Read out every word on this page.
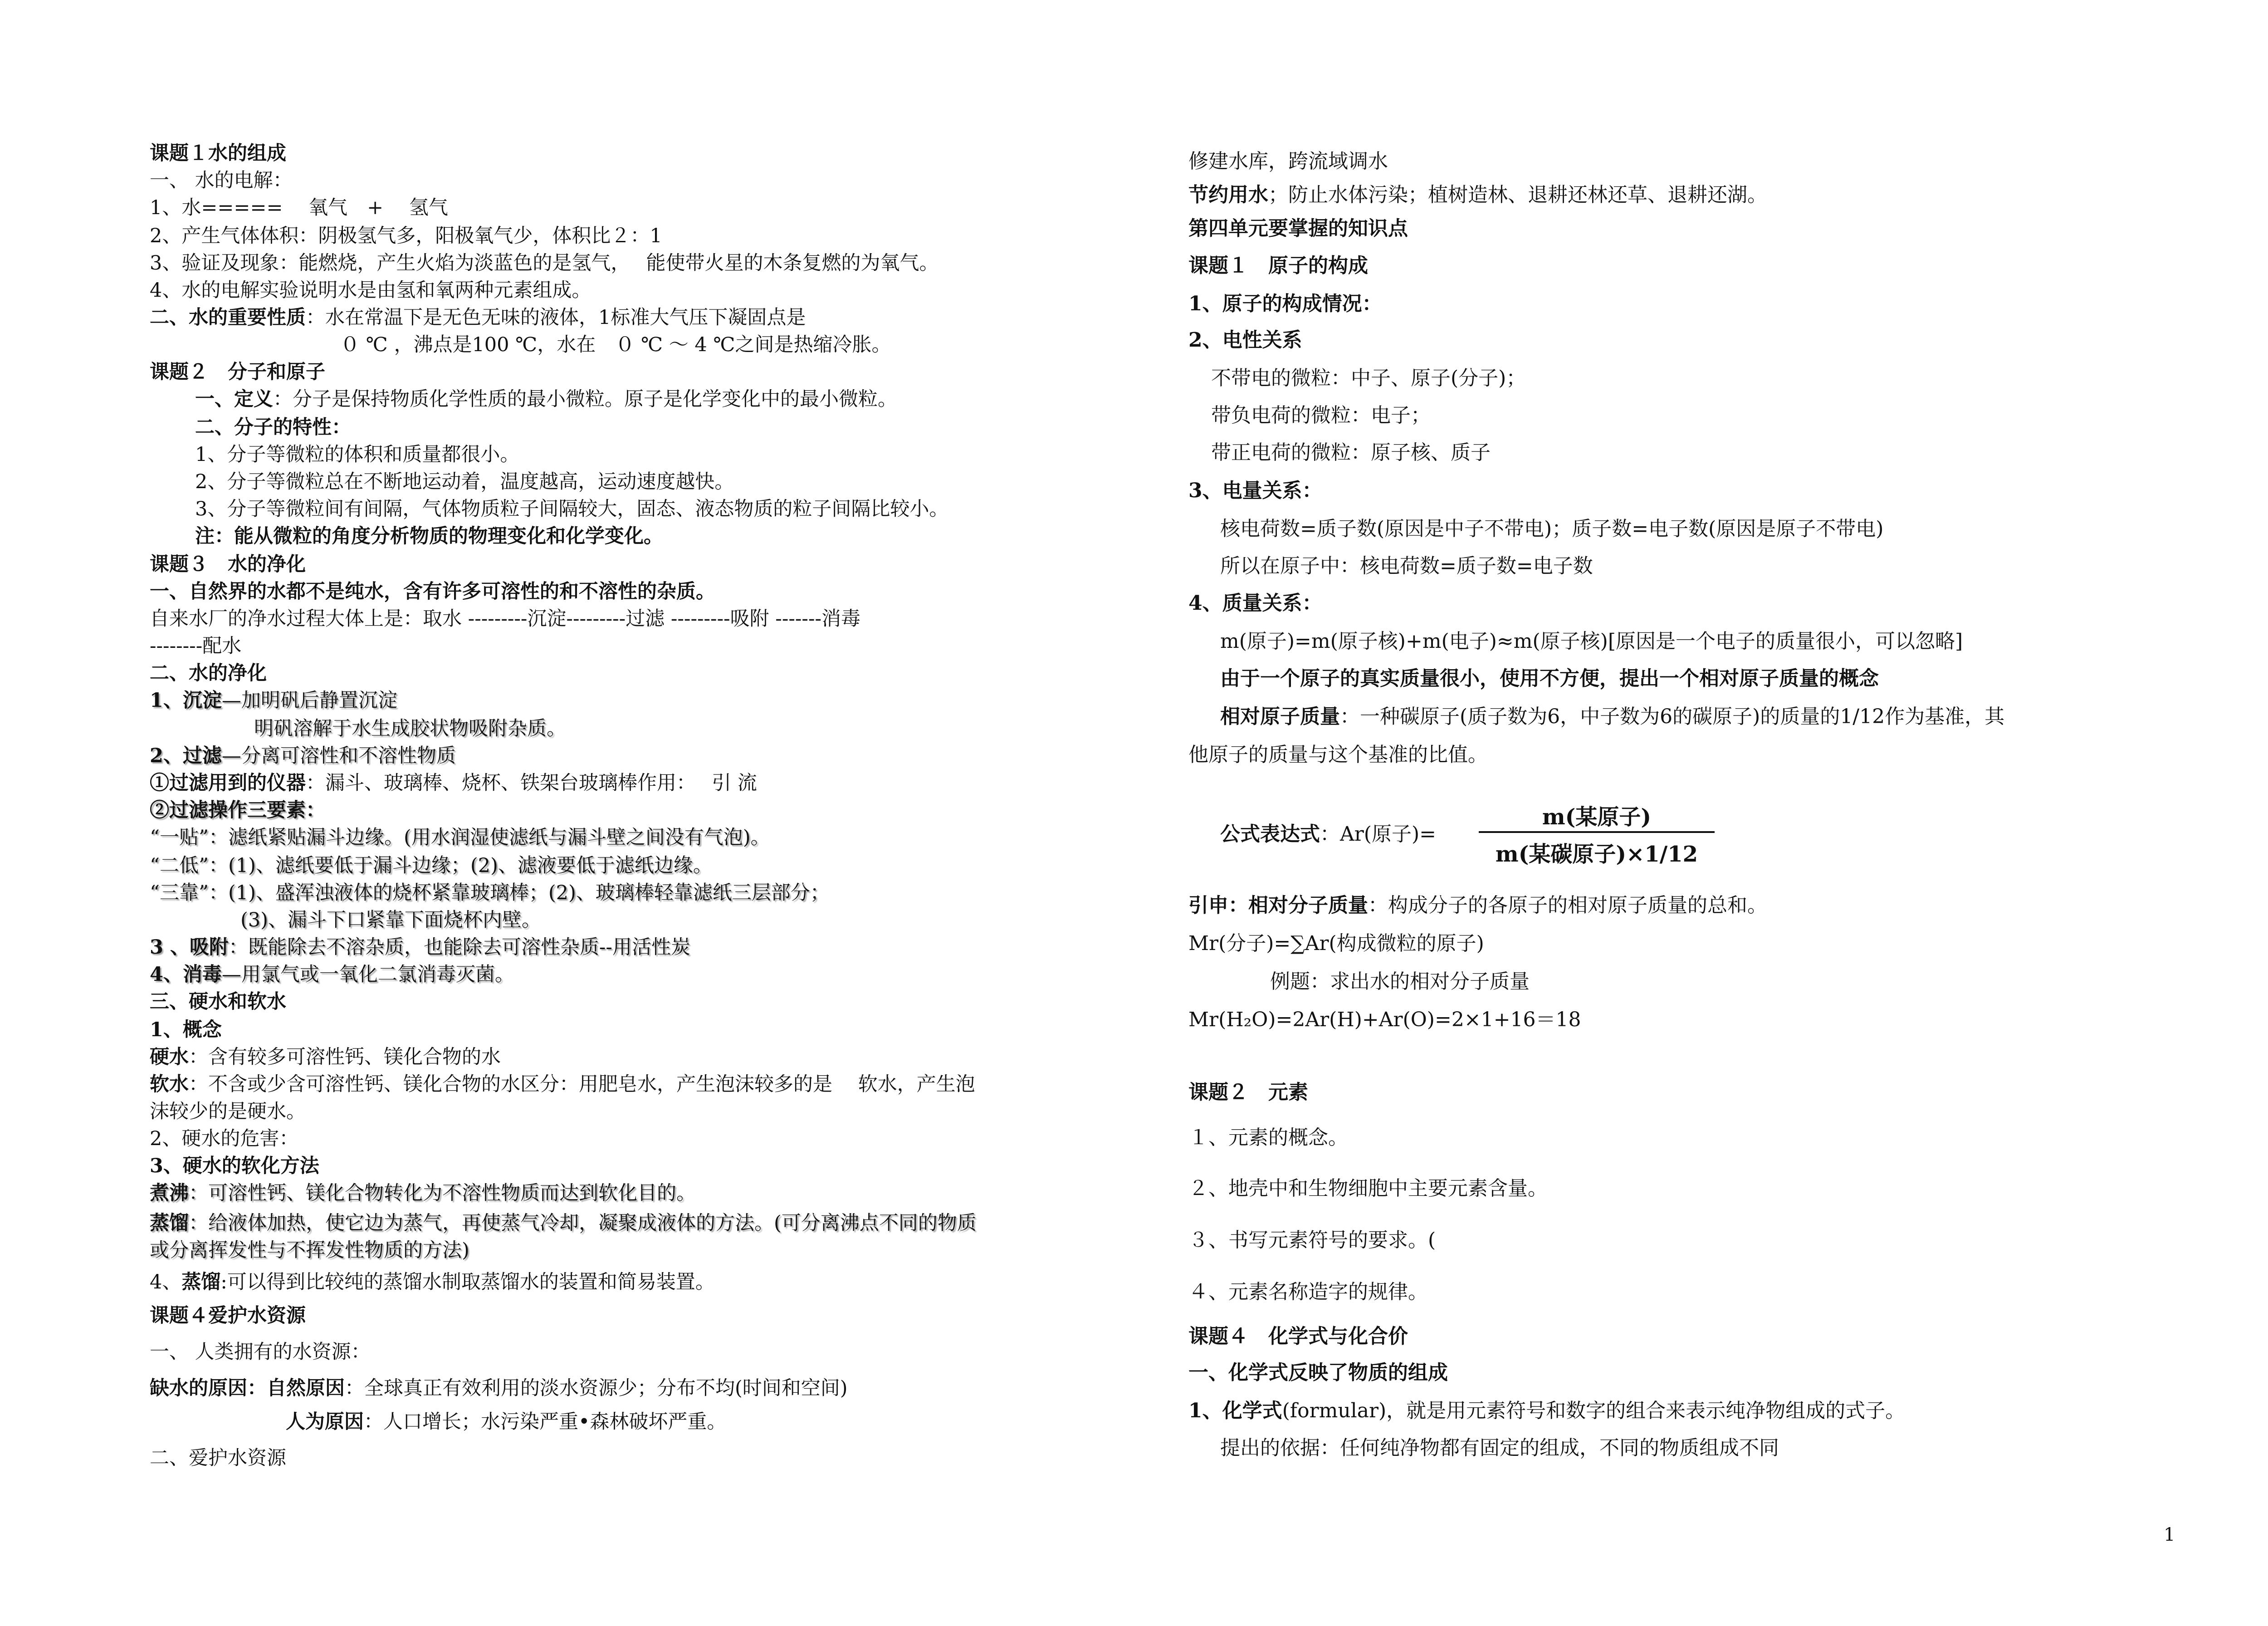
课题１水的组成
一、 水的电解：
1、水=====　 氧气　+　 氢气
2、产生气体体积：阴极氢气多，阳极氧气少，体积比２：1
3、验证及现象：能燃烧，产生火焰为淡蓝色的是氢气，　 能使带火星的木条复燃的为氧气。
4、水的电解实验说明水是由氢和氧两种元素组成。
二、水的重要性质：水在常温下是无色无味的液体，1标准大气压下凝固点是
０ ℃ ，沸点是100 ℃，水在　０ ℃ ～ 4 ℃之间是热缩冷胀。
课题２　分子和原子
一、定义：分子是保持物质化学性质的最小微粒。原子是化学变化中的最小微粒。
二、分子的特性：
1、分子等微粒的体积和质量都很小。
2、分子等微粒总在不断地运动着，温度越高，运动速度越快。
3、分子等微粒间有间隔，气体物质粒子间隔较大，固态、液态物质的粒子间隔比较小。
注：能从微粒的角度分析物质的物理变化和化学变化。
课题３　水的净化
一、自然界的水都不是纯水，含有许多可溶性的和不溶性的杂质。
自来水厂的净水过程大体上是：取水 ---------沉淀---------过滤 ---------吸附 -------消毒
--------配水
二、水的净化
1、沉淀—加明矾后静置沉淀
明矾溶解于水生成胶状物吸附杂质。
2、过滤—分离可溶性和不溶性物质
①过滤用到的仪器：漏斗、玻璃棒、烧杯、铁架台玻璃棒作用：　 引 流
②过滤操作三要素：
“一贴”：滤纸紧贴漏斗边缘。(用水润湿使滤纸与漏斗壁之间没有气泡)。
“二低”：(1)、滤纸要低于漏斗边缘；(2)、滤液要低于滤纸边缘。
“三靠”：(1)、盛浑浊液体的烧杯紧靠玻璃棒；(2)、玻璃棒轻靠滤纸三层部分；
(3)、漏斗下口紧靠下面烧杯内壁。
3 、吸附：既能除去不溶杂质，也能除去可溶性杂质--用活性炭
4、消毒—用氯气或一氧化二氯消毒灭菌。
三、硬水和软水
1、概念
硬水：含有较多可溶性钙、镁化合物的水
软水：不含或少含可溶性钙、镁化合物的水区分：用肥皂水，产生泡沫较多的是　 软水，产生泡
沫较少的是硬水。
2、硬水的危害：
3、硬水的软化方法
煮沸：可溶性钙、镁化合物转化为不溶性物质而达到软化目的。
蒸馏：给液体加热，使它边为蒸气，再使蒸气冷却，凝聚成液体的方法。(可分离沸点不同的物质
或分离挥发性与不挥发性物质的方法)
4、蒸馏:可以得到比较纯的蒸馏水制取蒸馏水的装置和简易装置。
课题４爱护水资源
一、 人类拥有的水资源：
缺水的原因：自然原因：全球真正有效利用的淡水资源少；分布不均(时间和空间)
人为原因：人口增长；水污染严重•森林破坏严重。
二、爱护水资源
修建水库，跨流域调水
节约用水；防止水体污染；植树造林、退耕还林还草、退耕还湖。
第四单元要掌握的知识点
课题１　原子的构成
1、原子的构成情况：
2、电性关系
不带电的微粒：中子、原子(分子)；
带负电荷的微粒：电子；
带正电荷的微粒：原子核、质子
3、电量关系：
核电荷数=质子数(原因是中子不带电)；质子数=电子数(原因是原子不带电)
所以在原子中：核电荷数=质子数=电子数
4、质量关系：
m(原子)=m(原子核)+m(电子)≈m(原子核)[原因是一个电子的质量很小，可以忽略]
由于一个原子的真实质量很小，使用不方便，提出一个相对原子质量的概念
相对原子质量：一种碳原子(质子数为6，中子数为6的碳原子)的质量的1/12作为基准，其
他原子的质量与这个基准的比值。
公式表达式：Ar(原子)=
m(某原子)
m(某碳原子)×1/12
引申：相对分子质量：构成分子的各原子的相对原子质量的总和。
Mr(分子)=∑Ar(构成微粒的原子)
例题：求出水的相对分子质量
Mr(H₂O)=2Ar(H)+Ar(O)=2×1+16＝18
课题２　元素
１、元素的概念。
２、地壳中和生物细胞中主要元素含量。
３、书写元素符号的要求。(
４、元素名称造字的规律。
课题４　化学式与化合价
一、化学式反映了物质的组成
1、化学式(formular)，就是用元素符号和数字的组合来表示纯净物组成的式子。
提出的依据：任何纯净物都有固定的组成，不同的物质组成不同
1
